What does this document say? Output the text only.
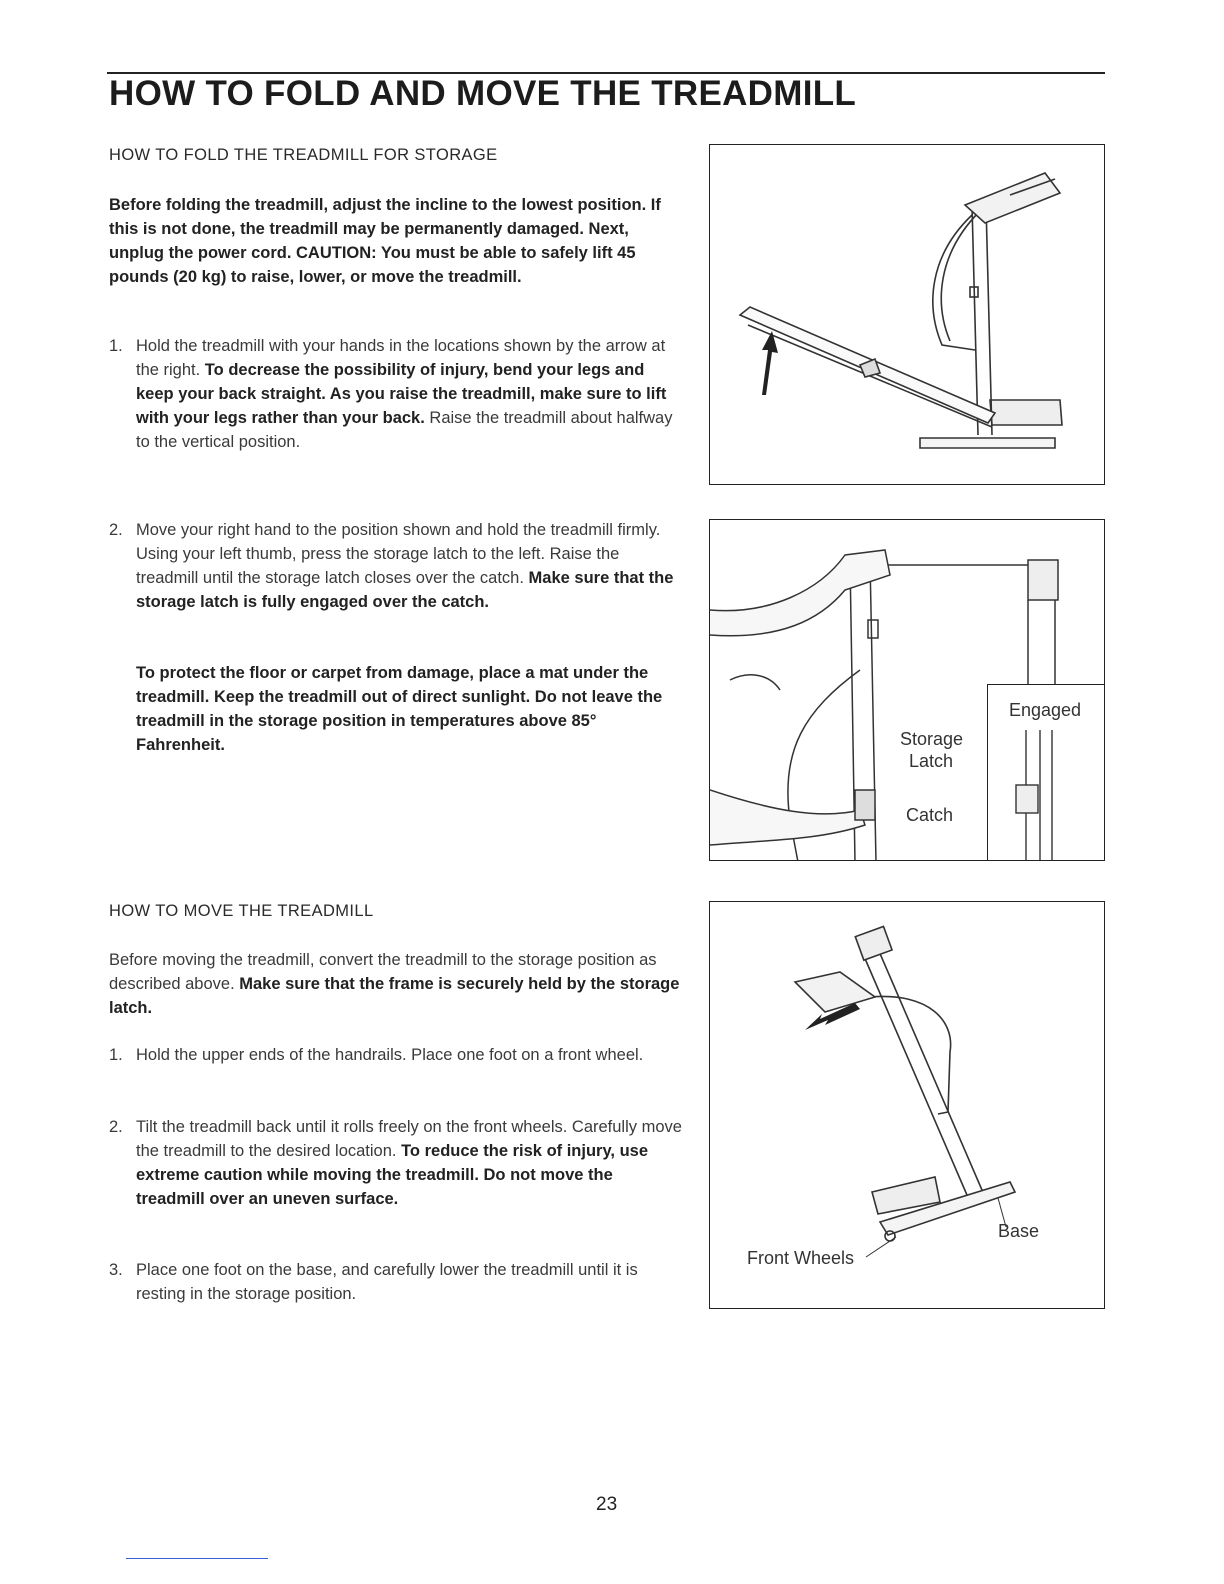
HOW TO FOLD AND MOVE THE TREADMILL
HOW TO FOLD THE TREADMILL FOR STORAGE

Before folding the treadmill, adjust the incline to the lowest position. If this is not done, the treadmill may be permanently damaged. Next, unplug the power cord. CAUTION: You must be able to safely lift 45 pounds (20 kg) to raise, lower, or move the treadmill.

1. Hold the treadmill with your hands in the locations shown by the arrow at the right. To decrease the possibility of injury, bend your legs and keep your back straight. As you raise the treadmill, make sure to lift with your legs rather than your back. Raise the treadmill about halfway to the vertical position.
2. Move your right hand to the position shown and hold the treadmill firmly. Using your left thumb, press the storage latch to the left. Raise the treadmill until the storage latch closes over the catch. Make sure that the storage latch is fully engaged over the catch.

To protect the floor or carpet from damage, place a mat under the treadmill. Keep the treadmill out of direct sunlight. Do not leave the treadmill in the storage position in temperatures above 85° Fahrenheit.

HOW TO MOVE THE TREADMILL

Before moving the treadmill, convert the treadmill to the storage position as described above. Make sure that the frame is securely held by the storage latch.

1. Hold the upper ends of the handrails. Place one foot on a front wheel.
2. Tilt the treadmill back until it rolls freely on the front wheels. Carefully move the treadmill to the desired location. To reduce the risk of injury, use extreme caution while moving the treadmill. Do not move the treadmill over an uneven surface.
3. Place one foot on the base, and carefully lower the treadmill until it is resting in the storage position.
Engaged
Storage
Latch
Catch
Base
Front Wheels
23
